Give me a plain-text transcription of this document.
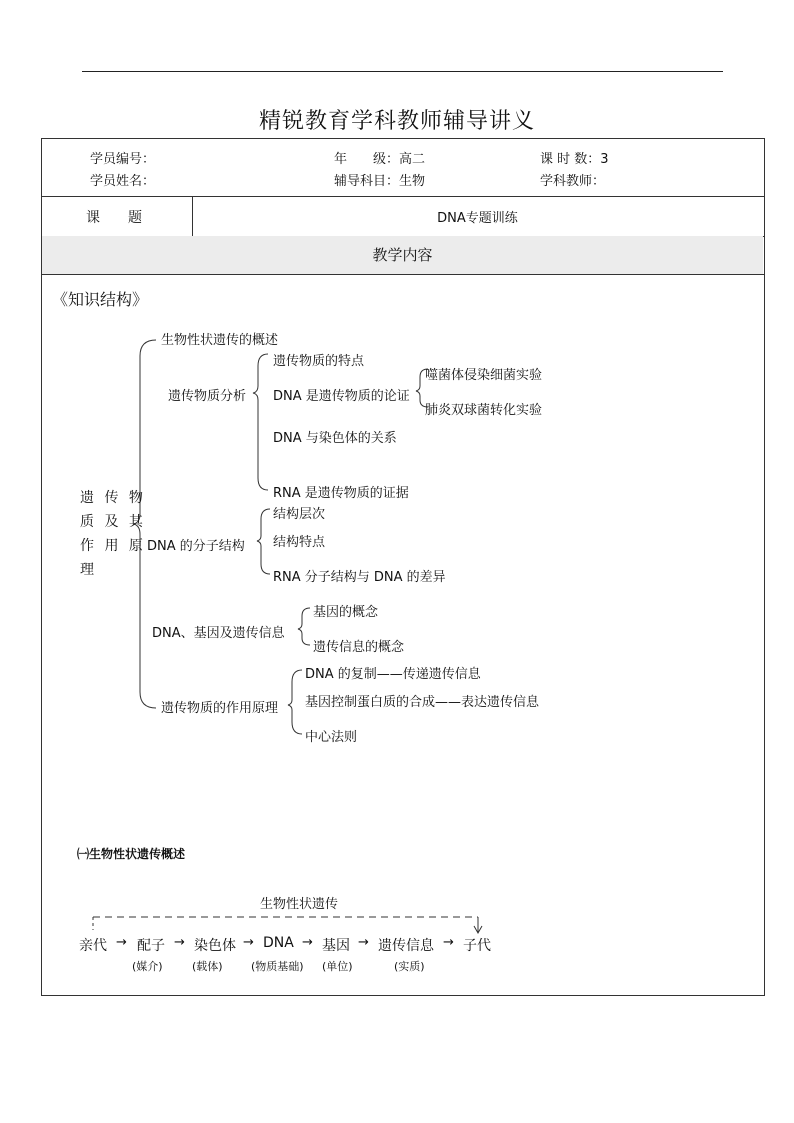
精锐教育学科教师辅导讲义
学员编号：	年　　级：高二	课 时 数：3
学员姓名：	辅导科目：生物	学科教师：
课　　题	DNA专题训练
教学内容
《知识结构》
遗 传 物
质 及 其
作 用 原
理
生物性状遗传的概述
遗传物质分析
遗传物质的特点
DNA 是遗传物质的论证
噬菌体侵染细菌实验
肺炎双球菌转化实验
DNA 与染色体的关系
RNA 是遗传物质的证据
DNA 的分子结构
结构层次
结构特点
RNA 分子结构与 DNA 的差异
DNA、基因及遗传信息
基因的概念
遗传信息的概念
遗传物质的作用原理
DNA 的复制——传递遗传信息
基因控制蛋白质的合成——表达遗传信息
中心法则
㈠生物性状遗传概述
生物性状遗传
亲代 → 配子 → 染色体 → DNA → 基因 → 遗传信息 → 子代
(媒介)	(载体)	(物质基础) (单位)	(实质)
